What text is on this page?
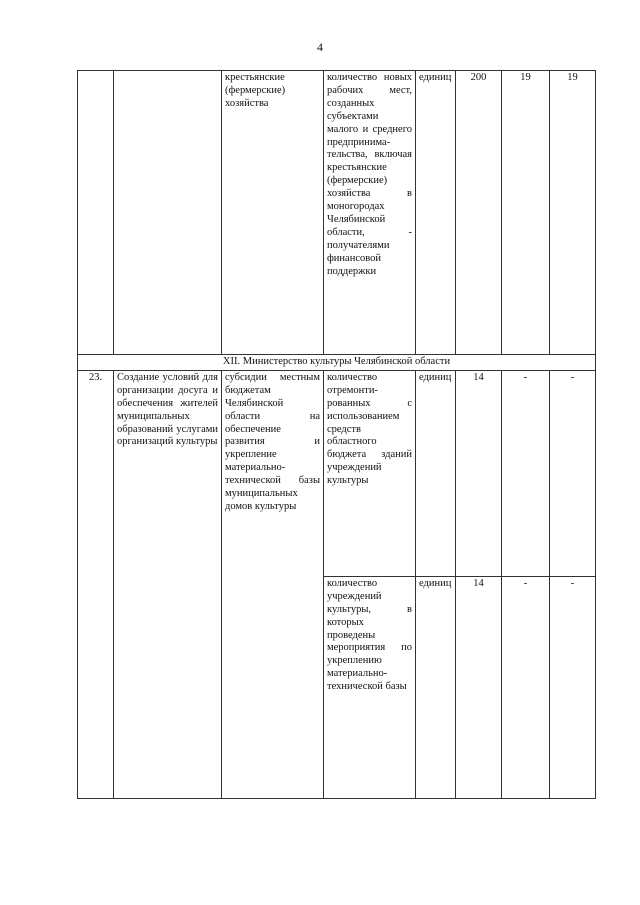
4
		крестьянские (фермерские) хозяйства	количество новых рабочих мест, созданных субъектами малого и среднего предпринимательства, включая крестьянские (фермерские) хозяйства в моногородах Челябинской области, - получателями финансовой поддержки	единиц	200	19	19
XII. Министерство культуры Челябинской области							
23.	Создание условий для организации досуга и обеспечения жителей муниципальных образований услугами организаций культуры	субсидии местным бюджетам Челябинской области на обеспечение развития и укрепление материально-технической базы муниципальных домов культуры	количество отремонтированных с использованием средств областного бюджета зданий учреждений культуры	единиц	14	-	-
			количество учреждений культуры, в которых проведены мероприятия по укреплению материально-технической базы	единиц	14	-	-
